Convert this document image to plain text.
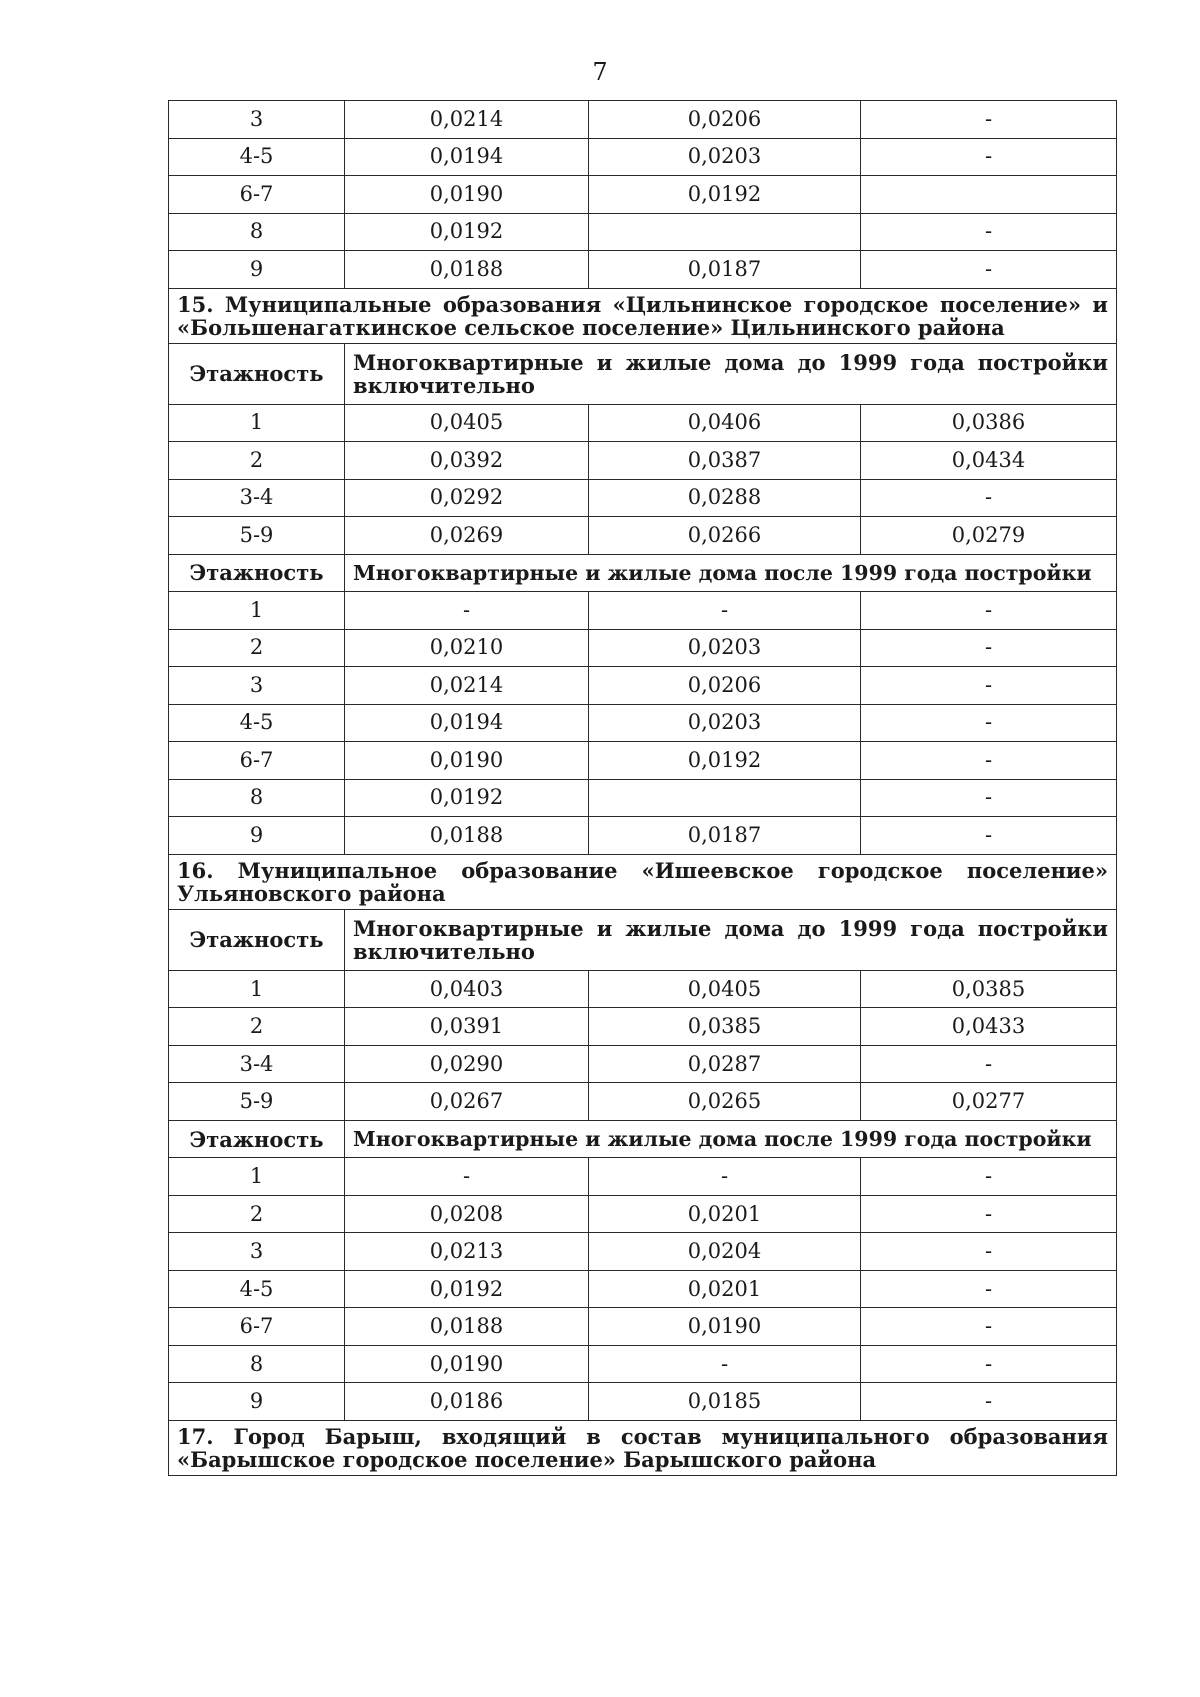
7
3	0,0214	0,0206	-
4-5	0,0194	0,0203	-
6-7	0,0190	0,0192	
8	0,0192		-
9	0,0188	0,0187	-

15. Муниципальные образования «Цильнинское городское поселение» и
«Большенагаткинское сельское поселение» Цильнинского района			

Этажность	Многоквартирные и жилые дома до 1999 года постройки
включительно		

1	0,0405	0,0406	0,0386
2	0,0392	0,0387	0,0434
3-4	0,0292	0,0288	-
5-9	0,0269	0,0266	0,0279
Этажность	Многоквартирные и жилые дома после 1999 года постройки		
1	-	-	-
2	0,0210	0,0203	-
3	0,0214	0,0206	-
4-5	0,0194	0,0203	-
6-7	0,0190	0,0192	-
8	0,0192		-
9	0,0188	0,0187	-

16. Муниципальное образование «Ишеевское городское поселение»
Ульяновского района			

Этажность	Многоквартирные и жилые дома до 1999 года постройки
включительно		

1	0,0403	0,0405	0,0385
2	0,0391	0,0385	0,0433
3-4	0,0290	0,0287	-
5-9	0,0267	0,0265	0,0277
Этажность	Многоквартирные и жилые дома после 1999 года постройки		
1	-	-	-
2	0,0208	0,0201	-
3	0,0213	0,0204	-
4-5	0,0192	0,0201	-
6-7	0,0188	0,0190	-
8	0,0190	-	-
9	0,0186	0,0185	-

17. Город Барыш, входящий в состав муниципального образования
«Барышское городское поселение» Барышского района			
